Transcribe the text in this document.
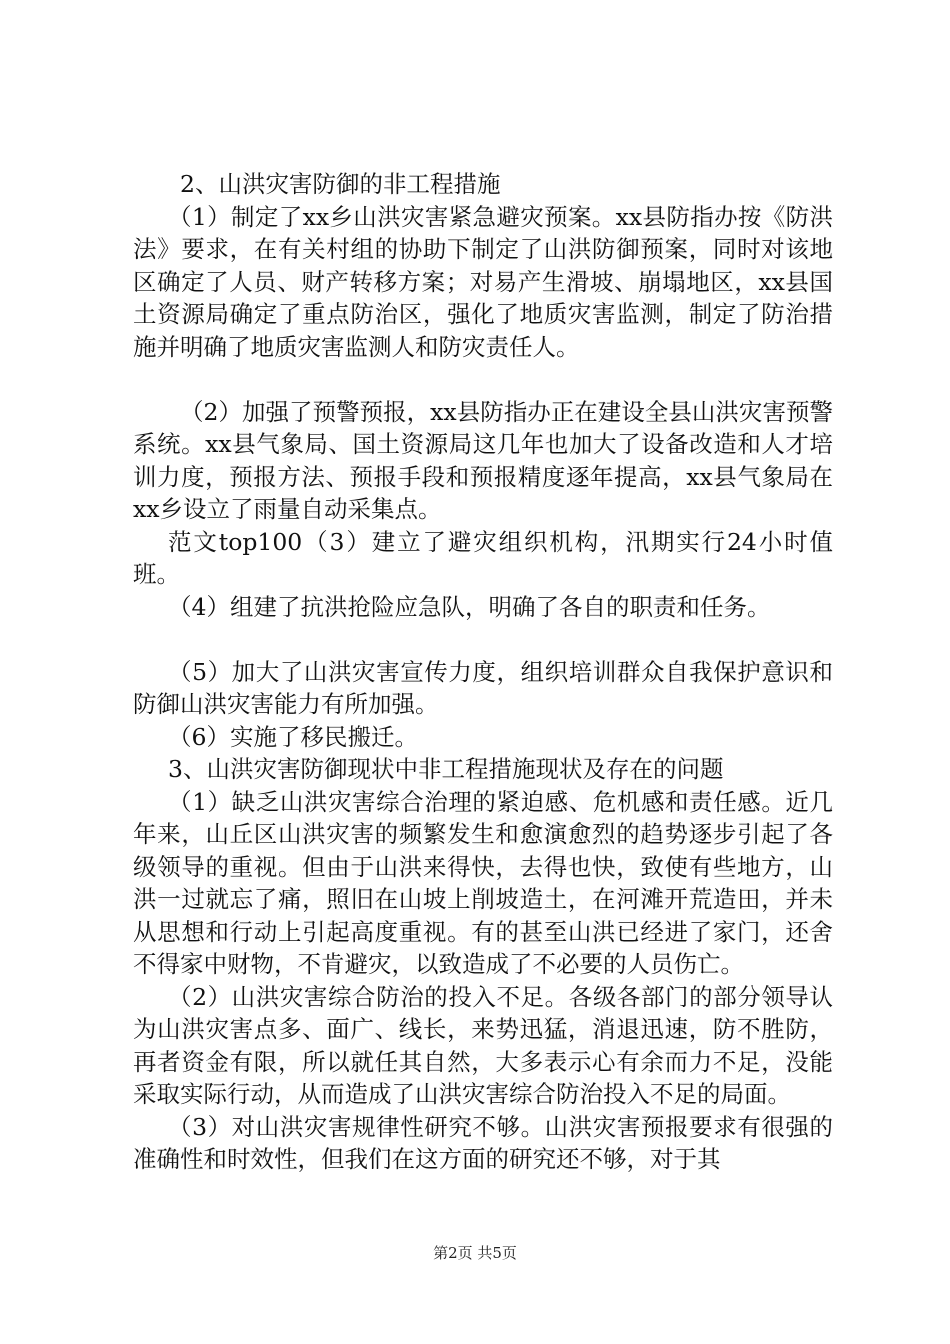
2、山洪灾害防御的非工程措施

（1）制定了xx乡山洪灾害紧急避灾预案。xx县防指办按《防洪法》要求，在有关村组的协助下制定了山洪防御预案，同时对该地区确定了人员、财产转移方案；对易产生滑坡、崩塌地区，xx县国土资源局确定了重点防治区，强化了地质灾害监测，制定了防治措施并明确了地质灾害监测人和防灾责任人。

（2）加强了预警预报，xx县防指办正在建设全县山洪灾害预警系统。xx县气象局、国土资源局这几年也加大了设备改造和人才培训力度，预报方法、预报手段和预报精度逐年提高，xx县气象局在xx乡设立了雨量自动采集点。

范文top100（3）建立了避灾组织机构，汛期实行24小时值班。

（4）组建了抗洪抢险应急队，明确了各自的职责和任务。

（5）加大了山洪灾害宣传力度，组织培训群众自我保护意识和防御山洪灾害能力有所加强。

（6）实施了移民搬迁。

3、山洪灾害防御现状中非工程措施现状及存在的问题

（1）缺乏山洪灾害综合治理的紧迫感、危机感和责任感。近几年来，山丘区山洪灾害的频繁发生和愈演愈烈的趋势逐步引起了各级领导的重视。但由于山洪来得快，去得也快，致使有些地方，山洪一过就忘了痛，照旧在山坡上削坡造土，在河滩开荒造田，并未从思想和行动上引起高度重视。有的甚至山洪已经进了家门，还舍不得家中财物，不肯避灾，以致造成了不必要的人员伤亡。

（2）山洪灾害综合防治的投入不足。各级各部门的部分领导认为山洪灾害点多、面广、线长，来势迅猛，消退迅速，防不胜防，再者资金有限，所以就任其自然，大多表示心有余而力不足，没能采取实际行动，从而造成了山洪灾害综合防治投入不足的局面。

（3）对山洪灾害规律性研究不够。山洪灾害预报要求有很强的准确性和时效性，但我们在这方面的研究还不够，对于其

第2页 共5页
